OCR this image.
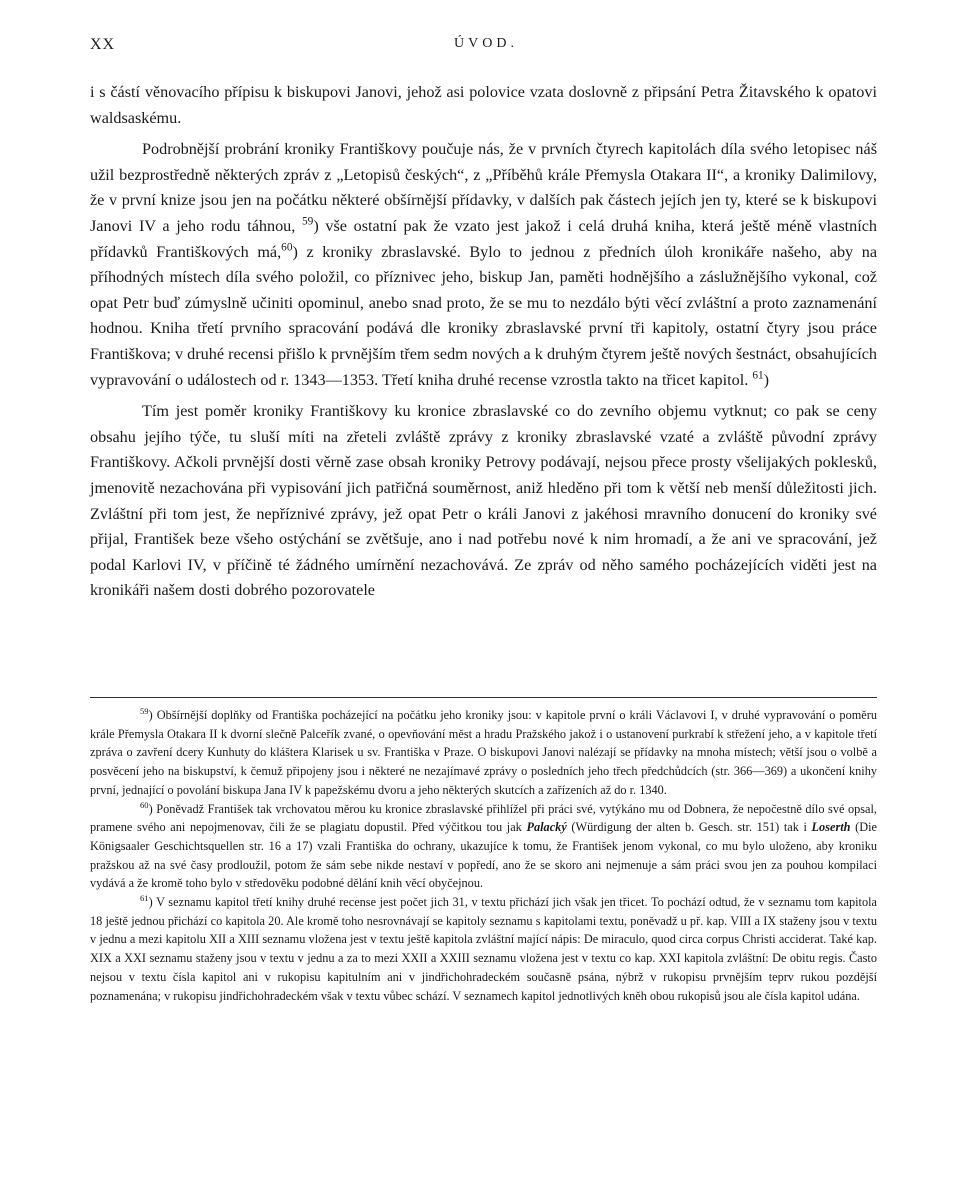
XX	ÚVOD.

i s částí věnovacího přípisu k biskupovi Janovi, jehož asi polovice vzata doslovně z připsání Petra Žitavského k opatovi waldsaskému.

Podrobnější probrání kroniky Františkovy poučuje nás, že v prvních čtyrech kapitolách díla svého letopisec náš užil bezprostředně některých zpráv z „Letopisů českých“, z „Příběhů krále Přemysla Otakara II“, a kroniky Dalimilovy, že v první knize jsou jen na počátku některé obšírnější přídavky, v dalších pak částech jejích jen ty, které se k biskupovi Janovi IV a jeho rodu táhnou, $^{59}$) vše ostatní pak že vzato jest jakož i celá druhá kniha, která ještě méně vlastních přídavků Františkových má,$^{60}$) z kroniky zbraslavské. Bylo to jednou z předních úloh kronikáře našeho, aby na příhodných místech díla svého položil, co příznivec jeho, biskup Jan, paměti hodnějšího a záslužnějšího vykonal, což opat Petr buď zúmyslně učiniti opominul, anebo snad proto, že se mu to nezdálo býti věcí zvláštní a proto zaznamenání hodnou. Kniha třetí prvního spracování podává dle kroniky zbraslavské první tři kapitoly, ostatní čtyry jsou práce Františkova; v druhé recensi přišlo k prvnějším třem sedm nových a k druhým čtyrem ještě nových šestnáct, obsahujících vypravování o událostech od r. 1343—1353. Třetí kniha druhé recense vzrostla takto na třicet kapitol. $^{61}$)

Tím jest poměr kroniky Františkovy ku kronice zbraslavské co do zevního objemu vytknut; co pak se ceny obsahu jejího týče, tu sluší míti na zřeteli zvláště zprávy z kroniky zbraslavské vzaté a zvláště původní zprávy Františkovy. Ačkoli prvnější dosti věrně zase obsah kroniky Petrovy podávají, nejsou přece prosty všelijakých poklesků, jmenovitě nezachována při vypisování jich patřičná souměrnost, aniž hleděno při tom k větší neb menší důležitosti jich. Zvláštní při tom jest, že nepříznivé zprávy, jež opat Petr o králi Janovi z jakéhosi mravního donucení do kroniky své přijal, František beze všeho ostýchání se zvětšuje, ano i nad potřebu nové k nim hromadí, a že ani ve spracování, jež podal Karlovi IV, v příčině té žádného umírnění nezachovává. Ze zpráv od něho samého pocházejících viděti jest na kronikáři našem dosti dobrého pozorovatele

$^{59}$) Obšírnější doplňky od Františka pocházející na počátku jeho kroniky jsou: v kapitole první o králi Václavovi I, v druhé vypravování o poměru krále Přemysla Otakara II k dvorní slečně Palceřík zvané, o opevňování měst a hradu Pražského jakož i o ustanovení purkrabí k střežení jeho, a v kapitole třetí zpráva o zavření dcery Kunhuty do kláštera Klarisek u sv. Františka v Praze. O biskupovi Janovi nalézají se přídavky na mnoha místech; větší jsou o volbě a posvěcení jeho na biskupství, k čemuž připojeny jsou i některé ne nezajímavé zprávy o posledních jeho třech předchůdcích (str. 366—369) a ukončení knihy první, jednající o povolání biskupa Jana IV k papežskému dvoru a jeho některých skutcích a zařízeních až do r. 1340.

$^{60}$) Poněvadž František tak vrchovatou měrou ku kronice zbraslavské přihlížel při práci své, vytýkáno mu od Dobnera, že nepočestně dílo své opsal, pramene svého ani nepojmenovav, čili že se plagiatu dopustil. Před výčitkou tou jak Palacký (Würdigung der alten b. Gesch. str. 151) tak i Loserth (Die Königsaaler Geschichtsquellen str. 16 a 17) vzali Františka do ochrany, ukazujíce k tomu, že František jenom vykonal, co mu bylo uloženo, aby kroniku pražskou až na své časy prodloužil, potom že sám sebe nikde nestaví v popředí, ano že se skoro ani nejmenuje a sám práci svou jen za pouhou kompilaci vydává a že kromě toho bylo v středověku podobné dělání knih věcí obyčejnou.

$^{61}$) V seznamu kapitol třetí knihy druhé recense jest počet jich 31, v textu přichází jich však jen třicet. To pochází odtud, že v seznamu tom kapitola 18 ještě jednou přichází co kapitola 20. Ale kromě toho nesrovnávají se kapitoly seznamu s kapitolami textu, poněvadž u př. kap. VIII a IX staženy jsou v textu v jednu a mezi kapitolu XII a XIII seznamu vložena jest v textu ještě kapitola zvláštní mající nápis: De miraculo, quod circa corpus Christi acciderat. Také kap. XIX a XXI seznamu staženy jsou v textu v jednu a za to mezi XXII a XXIII seznamu vložena jest v textu co kap. XXI kapitola zvláštní: De obitu regis. Často nejsou v textu čísla kapitol ani v rukopisu kapitulním ani v jindřichohradeckém současně psána, nýbrž v rukopisu prvnějším teprv rukou pozdější poznamenána; v rukopisu jindřichohradeckém však v textu vůbec schází. V seznamech kapitol jednotlivých kněh obou rukopisů jsou ale čísla kapitol udána.
